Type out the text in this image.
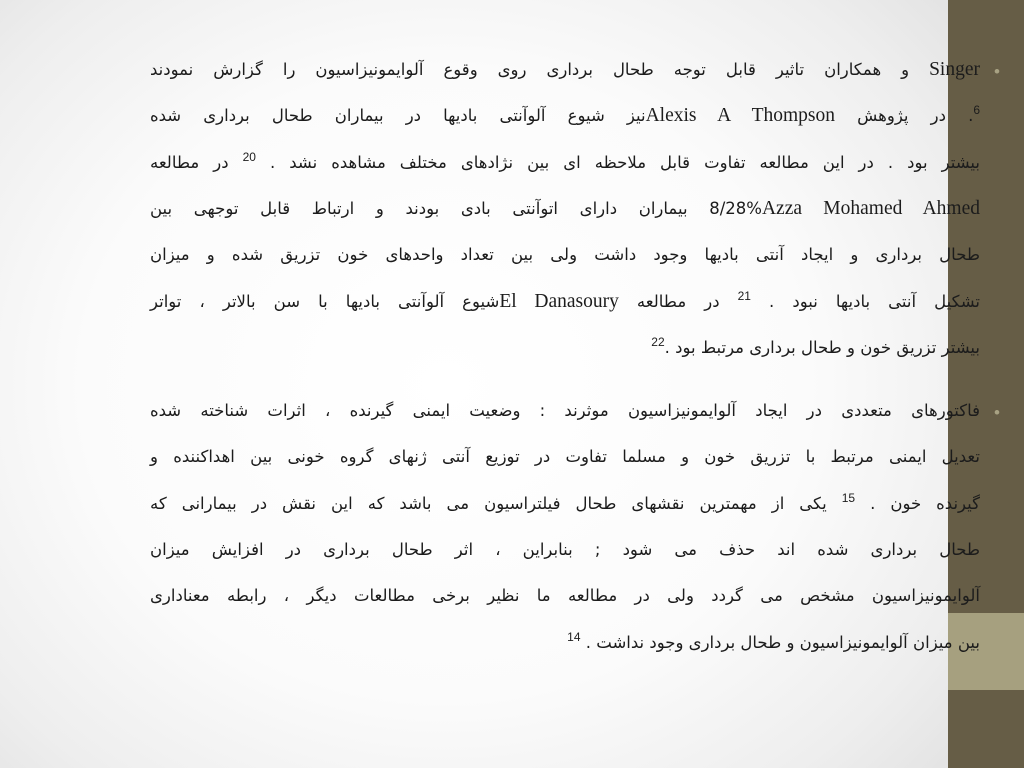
•
Singer و همکاران تاثیر قابل توجه طحال برداری روی وقوع آلوایمونیزاسیون را گزارش نمودند
$^6$. در پژوهش Alexis A Thompsonنیز شیوع آلوآنتی بادیها در بیماران طحال برداری شده
بیشتر بود . در این مطالعه تفاوت قابل ملاحظه ای بین نژادهای مختلف مشاهده نشد . $^{20}$ در مطالعه
Azza Mohamed Ahmed8/28% بیماران دارای اتوآنتی بادی بودند و ارتباط قابل توجهی بین
طحال برداری و ایجاد آنتی بادیها وجود داشت ولی بین تعداد واحدهای خون تزریق شده و میزان
تشکیل آنتی بادیها نبود . $^{21}$ در مطالعه El Danasouryشیوع آلوآنتی بادیها با سن بالاتر ، تواتر
بیشتر تزریق خون و طحال برداری مرتبط بود .$^{22}$
•
فاکتورهای متعددی در ایجاد آلوایمونیزاسیون موثرند : وضعیت ایمنی گیرنده ، اثرات شناخته شده
تعدیل ایمنی مرتبط با تزریق خون و مسلما تفاوت در توزیع آنتی ژنهای گروه خونی بین اهداکننده و
گیرنده خون . $^{15}$ یکی از مهمترین نقشهای طحال فیلتراسیون می باشد که این نقش در بیمارانی که
طحال برداری شده اند حذف می شود ; بنابراین ، اثر طحال برداری در افزایش میزان
آلوایمونیزاسیون مشخص می گردد ولی در مطالعه ما نظیر برخی مطالعات دیگر ، رابطه معناداری
بین میزان آلوایمونیزاسیون و طحال برداری وجود نداشت . $^{14}$
